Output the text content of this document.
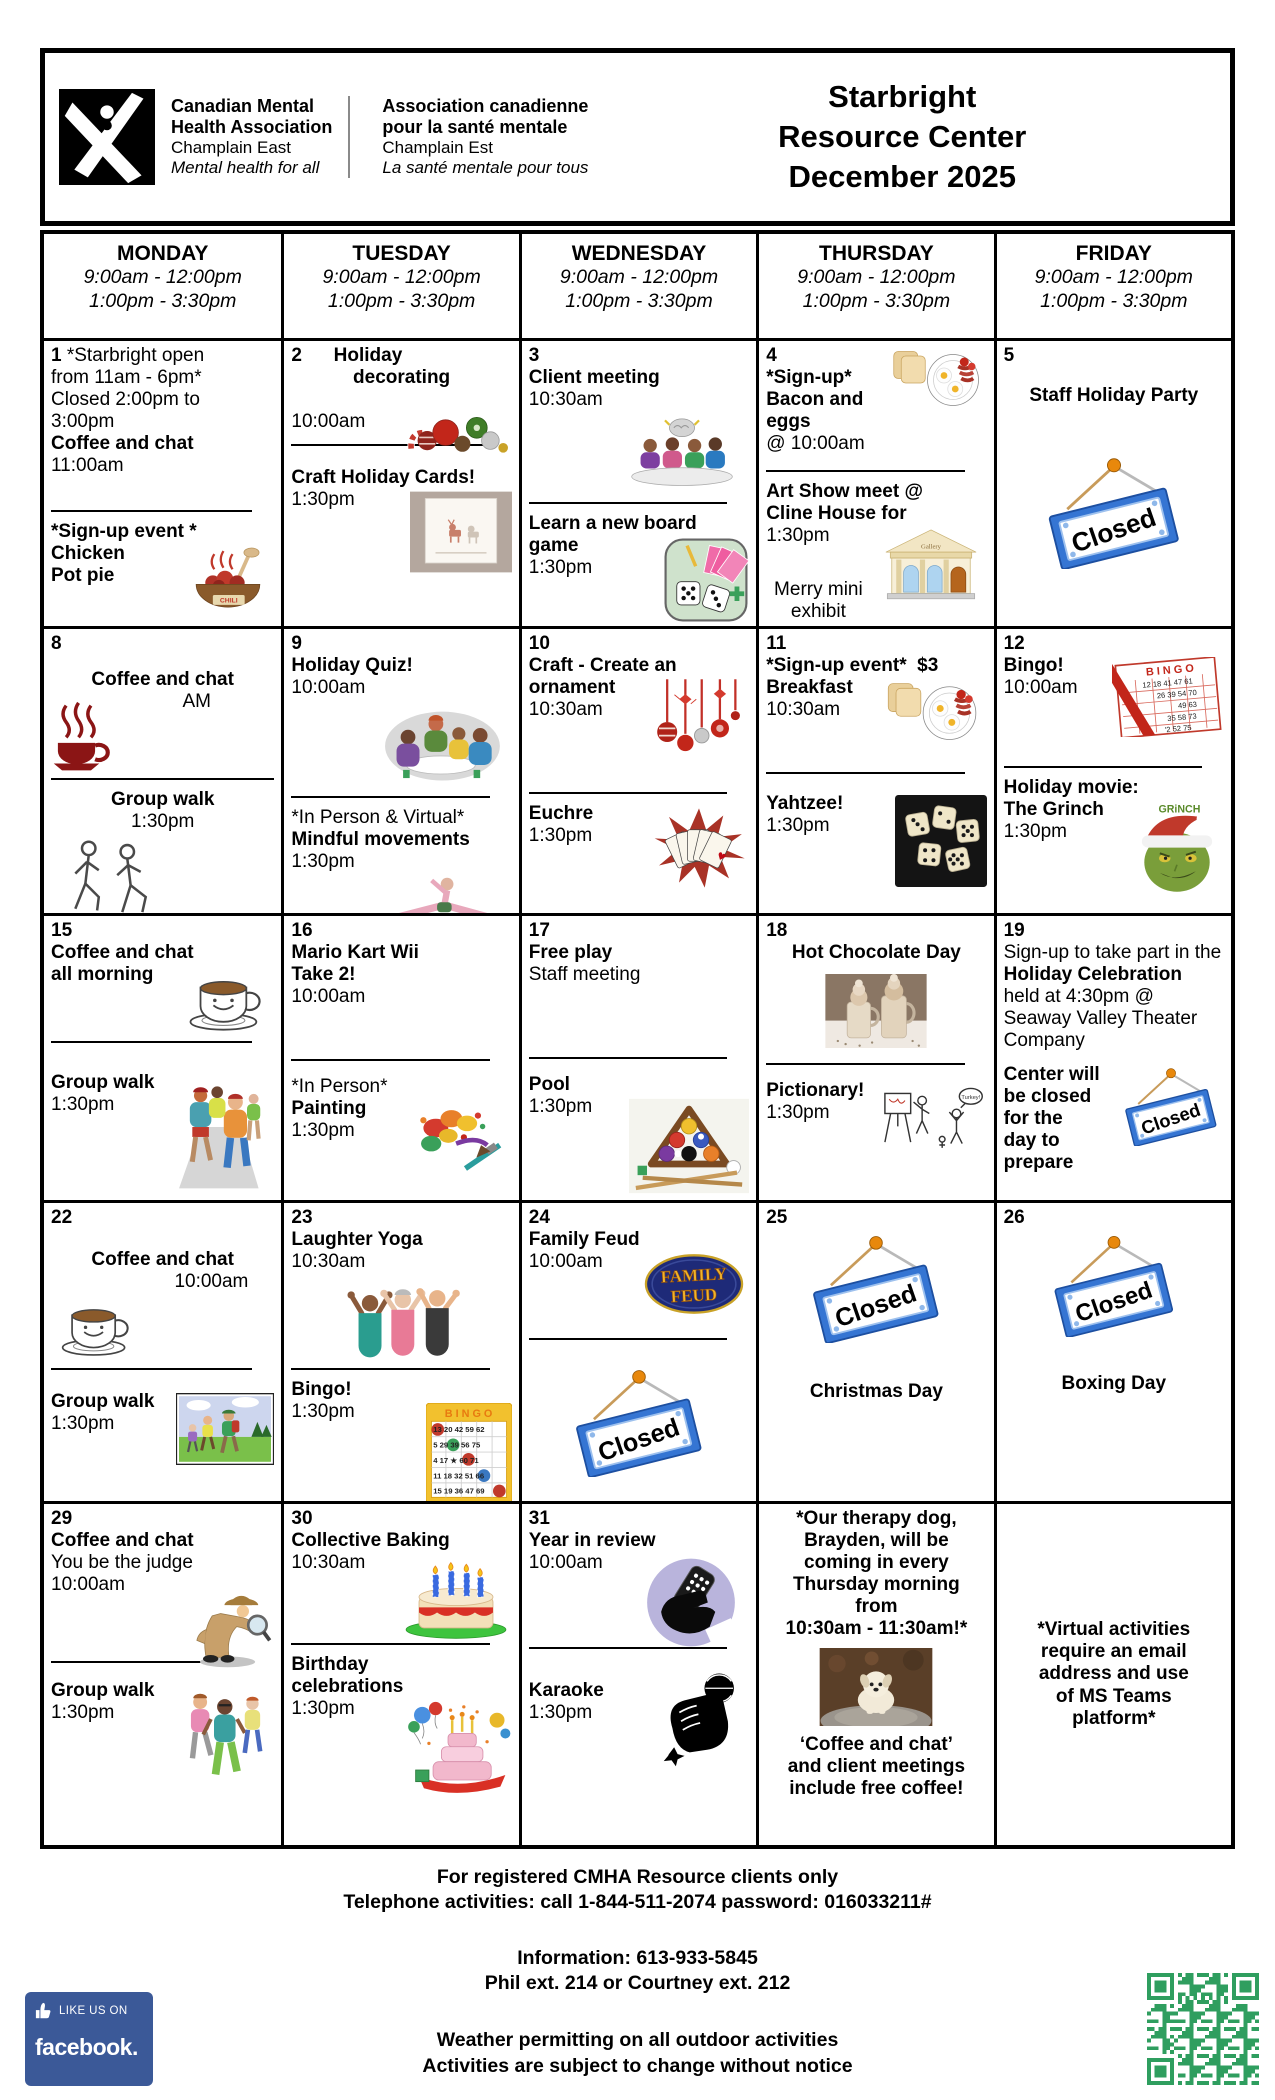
Canadian Mental
Health Association
Champlain East
Mental health for all
Association canadienne
pour la santé mentale
Champlain Est
La santé mentale pour tous
Starbright
Resource Center
December 2025
MONDAY
9:00am - 12:00pm
1:00pm - 3:30pm
TUESDAY
9:00am - 12:00pm
1:00pm - 3:30pm
WEDNESDAY
9:00am - 12:00pm
1:00pm - 3:30pm
THURSDAY
9:00am - 12:00pm
1:00pm - 3:30pm
FRIDAY
9:00am - 12:00pm
1:00pm - 3:30pm
1 *Starbright open
from 11am - 6pm*
Closed 2:00pm to
3:00pm
Coffee and chat
11:00am
*Sign-up event *
Chicken
Pot pie
2      Holiday
decorating
10:00am
Craft Holiday Cards!
1:30pm
3
Client meeting
10:30am
Learn a new board
game
1:30pm
4
*Sign-up*
Bacon and eggs
@ 10:00am
Art Show meet @
Cline House for
1:30pm
Merry mini exhibit
5
Staff Holiday Party
8
Coffee and chat
AM
Group walk
1:30pm
9
Holiday Quiz!
10:00am
*In Person & Virtual*
Mindful movements
1:30pm
10
Craft - Create an
ornament
10:30am
Euchre
1:30pm
11
*Sign-up event*  $3
Breakfast
10:30am
Yahtzee!
1:30pm
12
Bingo!
10:00am
Holiday movie:
The Grinch
1:30pm
15
Coffee and chat
all morning
Group walk
1:30pm
16
Mario Kart Wii
Take 2!
10:00am
*In Person*
Painting
1:30pm
17
Free play
Staff meeting
Pool
1:30pm
18
Hot Chocolate Day
Pictionary!
1:30pm
19
Sign-up to take part in the
Holiday Celebration
held at 4:30pm @
Seaway Valley Theater
Company
Center will
be closed
for the
day to
prepare
22
Coffee and chat
10:00am
Group walk
1:30pm
23
Laughter Yoga
10:30am
Bingo!
1:30pm
24
Family Feud
10:00am
25
Christmas Day
26
Boxing Day
29
Coffee and chat
You be the judge
10:00am
Group walk
1:30pm
30
Collective Baking
10:30am
Birthday
celebrations
1:30pm
31
Year in review
10:00am
Karaoke
1:30pm
*Our therapy dog,
Brayden, will be
coming in every
Thursday morning
from
10:30am - 11:30am!*
‘Coffee and chat’
and client meetings
include free coffee!
*Virtual activities
require an email
address and use
of MS Teams
platform*
For registered CMHA Resource clients only
Telephone activities: call 1-844-511-2074 password: 016033211#
Information: 613-933-5845
Phil ext. 214 or Courtney ext. 212
Weather permitting on all outdoor activities
Activities are subject to change without notice
LIKE US ON
facebook.
